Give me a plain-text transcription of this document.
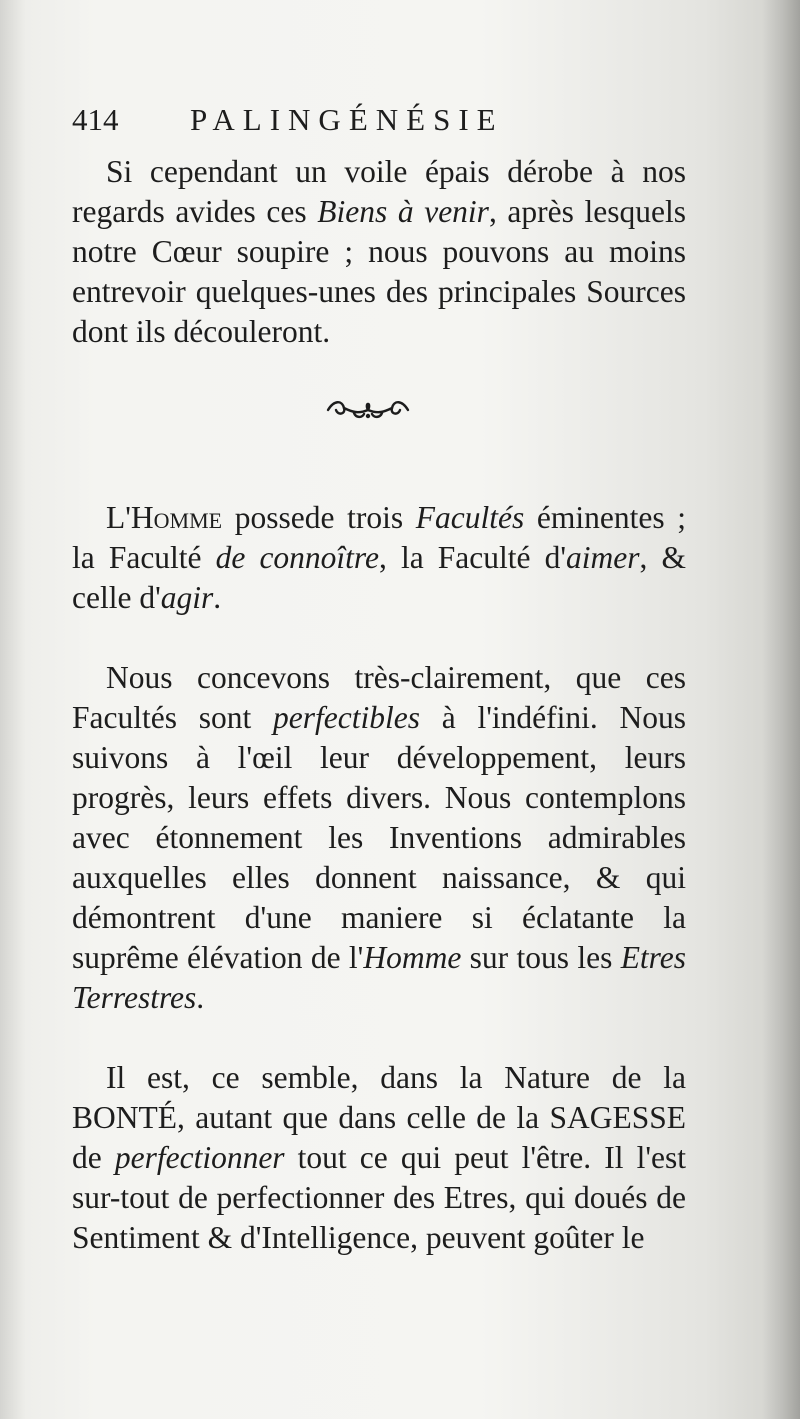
414	PALINGÉNÉSIE

Si cependant un voile épais dérobe à nos regards avides ces Biens à venir, après lesquels notre Cœur soupire ; nous pouvons au moins entrevoir quelques-unes des principales Sources dont ils découleront.

L'Homme possede trois Facultés éminentes ; la Faculté de connoître, la Faculté d'aimer, & celle d'agir.

Nous concevons très-clairement, que ces Facultés sont perfectibles à l'indéfini. Nous suivons à l'œil leur développement, leurs progrès, leurs effets divers. Nous contemplons avec étonnement les Inventions admirables auxquelles elles donnent naissance, & qui démontrent d'une maniere si éclatante la suprême élévation de l'Homme sur tous les Etres Terrestres.

Il est, ce semble, dans la Nature de la BONTÉ, autant que dans celle de la SAGESSE de perfectionner tout ce qui peut l'être. Il l'est sur-tout de perfectionner des Etres, qui doués de Sentiment & d'Intelligence, peuvent goûter le
